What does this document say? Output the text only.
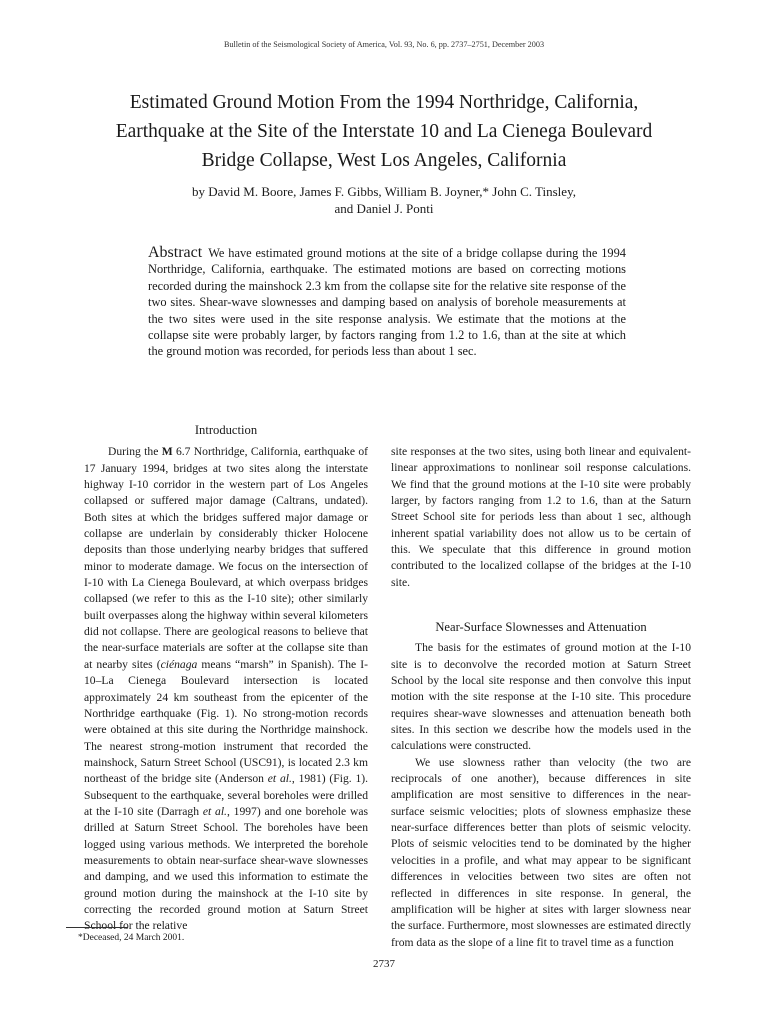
Bulletin of the Seismological Society of America, Vol. 93, No. 6, pp. 2737–2751, December 2003
Estimated Ground Motion From the 1994 Northridge, California,
Earthquake at the Site of the Interstate 10 and La Cienega Boulevard
Bridge Collapse, West Los Angeles, California
by David M. Boore, James F. Gibbs, William B. Joyner,* John C. Tinsley,
and Daniel J. Ponti

Abstract We have estimated ground motions at the site of a bridge collapse during the 1994 Northridge, California, earthquake. The estimated motions are based on correcting motions recorded during the mainshock 2.3 km from the collapse site for the relative site response of the two sites. Shear-wave slownesses and damping based on analysis of borehole measurements at the two sites were used in the site response analysis. We estimate that the motions at the collapse site were probably larger, by factors ranging from 1.2 to 1.6, than at the site at which the ground motion was recorded, for periods less than about 1 sec.

Introduction

During the M 6.7 Northridge, California, earthquake of 17 January 1994, bridges at two sites along the interstate highway I-10 corridor in the western part of Los Angeles collapsed or suffered major damage (Caltrans, undated). Both sites at which the bridges suffered major damage or collapse are underlain by considerably thicker Holocene deposits than those underlying nearby bridges that suffered minor to moderate damage. We focus on the intersection of I-10 with La Cienega Boulevard, at which overpass bridges collapsed (we refer to this as the I-10 site); other similarly built overpasses along the highway within several kilometers did not collapse. There are geological reasons to believe that the near-surface materials are softer at the collapse site than at nearby sites (ciénaga means “marsh” in Spanish). The I-10–La Cienega Boulevard intersection is located approximately 24 km southeast from the epicenter of the Northridge earthquake (Fig. 1). No strong-motion records were obtained at this site during the Northridge mainshock. The nearest strong-motion instrument that recorded the mainshock, Saturn Street School (USC91), is located 2.3 km northeast of the bridge site (Anderson et al., 1981) (Fig. 1). Subsequent to the earthquake, several boreholes were drilled at the I-10 site (Darragh et al., 1997) and one borehole was drilled at Saturn Street School. The boreholes have been logged using various methods. We interpreted the borehole measurements to obtain near-surface shear-wave slownesses and damping, and we used this information to estimate the ground motion during the mainshock at the I-10 site by correcting the recorded ground motion at Saturn Street School for the relative

site responses at the two sites, using both linear and equivalent-linear approximations to nonlinear soil response calculations. We find that the ground motions at the I-10 site were probably larger, by factors ranging from 1.2 to 1.6, than at the Saturn Street School site for periods less than about 1 sec, although inherent spatial variability does not allow us to be certain of this. We speculate that this difference in ground motion contributed to the localized collapse of the bridges at the I-10 site.

Near-Surface Slownesses and Attenuation

The basis for the estimates of ground motion at the I-10 site is to deconvolve the recorded motion at Saturn Street School by the local site response and then convolve this input motion with the site response at the I-10 site. This procedure requires shear-wave slownesses and attenuation beneath both sites. In this section we describe how the models used in the calculations were constructed.

We use slowness rather than velocity (the two are reciprocals of one another), because differences in site amplification are most sensitive to differences in the near-surface seismic velocities; plots of slowness emphasize these near-surface differences better than plots of seismic velocity. Plots of seismic velocities tend to be dominated by the higher velocities in a profile, and what may appear to be significant differences in velocities between two sites are often not reflected in differences in site response. In general, the amplification will be higher at sites with larger slowness near the surface. Furthermore, most slownesses are estimated directly from data as the slope of a line fit to travel time as a function

*Deceased, 24 March 2001.
2737
